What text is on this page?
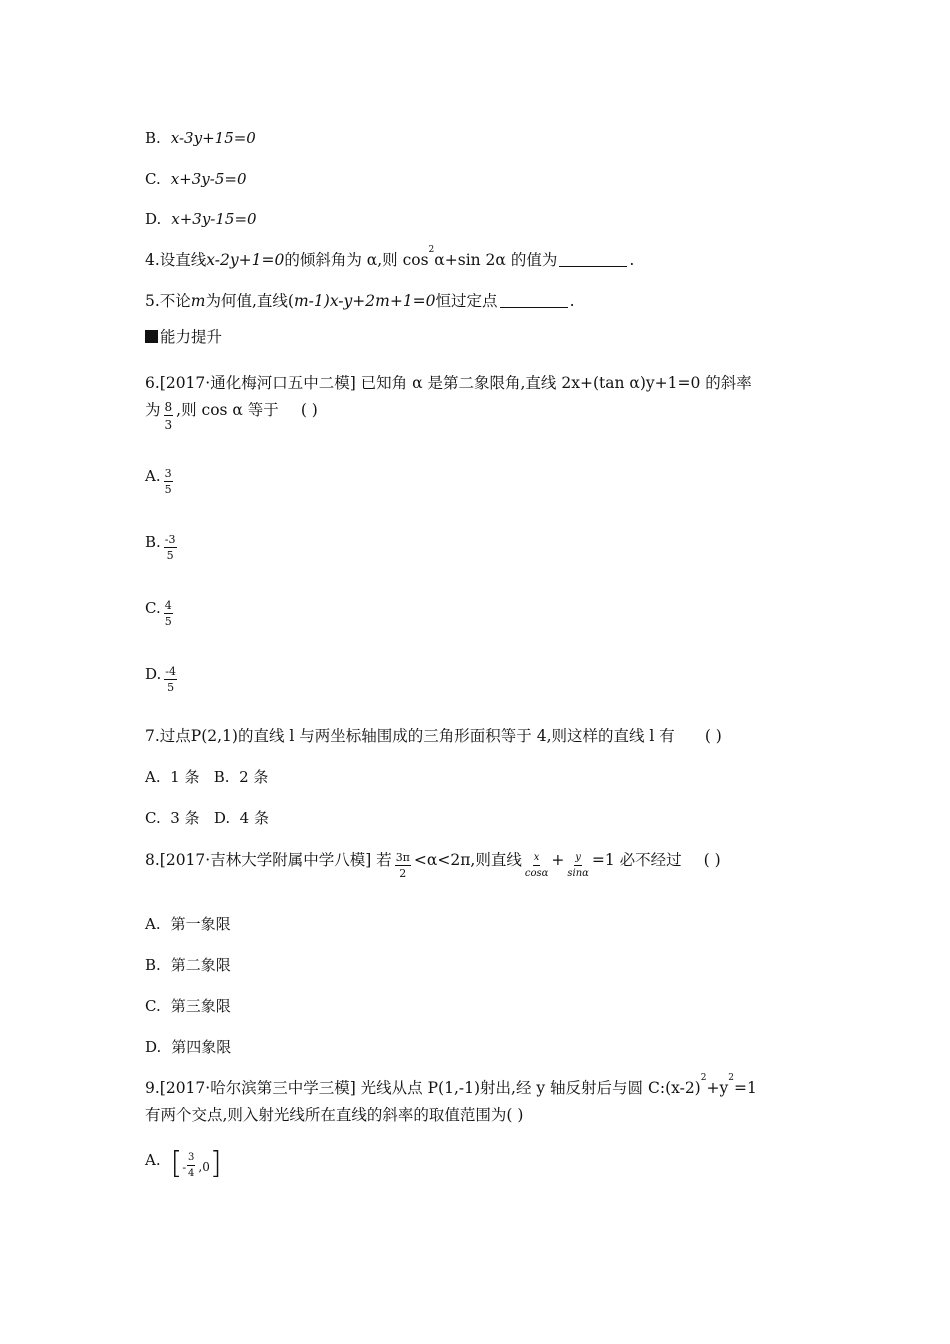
B. x-3y+15=0
C. x+3y-5=0
D. x+3y-15=0
4.设直线 x-2y+1=0 的倾斜角为 α,则 cos
2
α+sin 2α 的值为	.
5.不论 m 为何值,直线( m-1)x-y+2m+1=0 恒过定点	.
能力提升
6.[2017·通化梅河口五中二模] 已知角 α 是第二象限角,直线 2x+(tan α)y+1=0 的斜率
为 $\frac{8}{3}$ ,则 cos α 等于 ( )
A. $\frac{3}{5}$
B. $\frac{-3}{5}$
C. $\frac{4}{5}$
D. $\frac{-4}{5}$
7.过点 P(2,1)的直线 l 与两坐标轴围成的三角形面积等于 4,则这样的直线 l 有 ( )
A.  1 条   B.  2 条
C.  3 条   D.  4 条
8.[2017·吉林大学附属中学八模] 若 $\frac{3\pi}{2} <\alpha<2\pi$,则直线 $\frac{x}{\cos\alpha} + \frac{y}{\sin\alpha} =1$ 必不经过 ( )
A. 第一象限
B. 第二象限
C. 第三象限
D. 第四象限
9.[2017·哈尔滨第三中学三模] 光线从点 P(1,-1)射出,经 y 轴反射后与圆 C:(x-2)
2
+y
2
=1
有两个交点,则入射光线所在直线的斜率的取值范围为( )
A. [ - $\frac{3}{4} ,0$ ]
